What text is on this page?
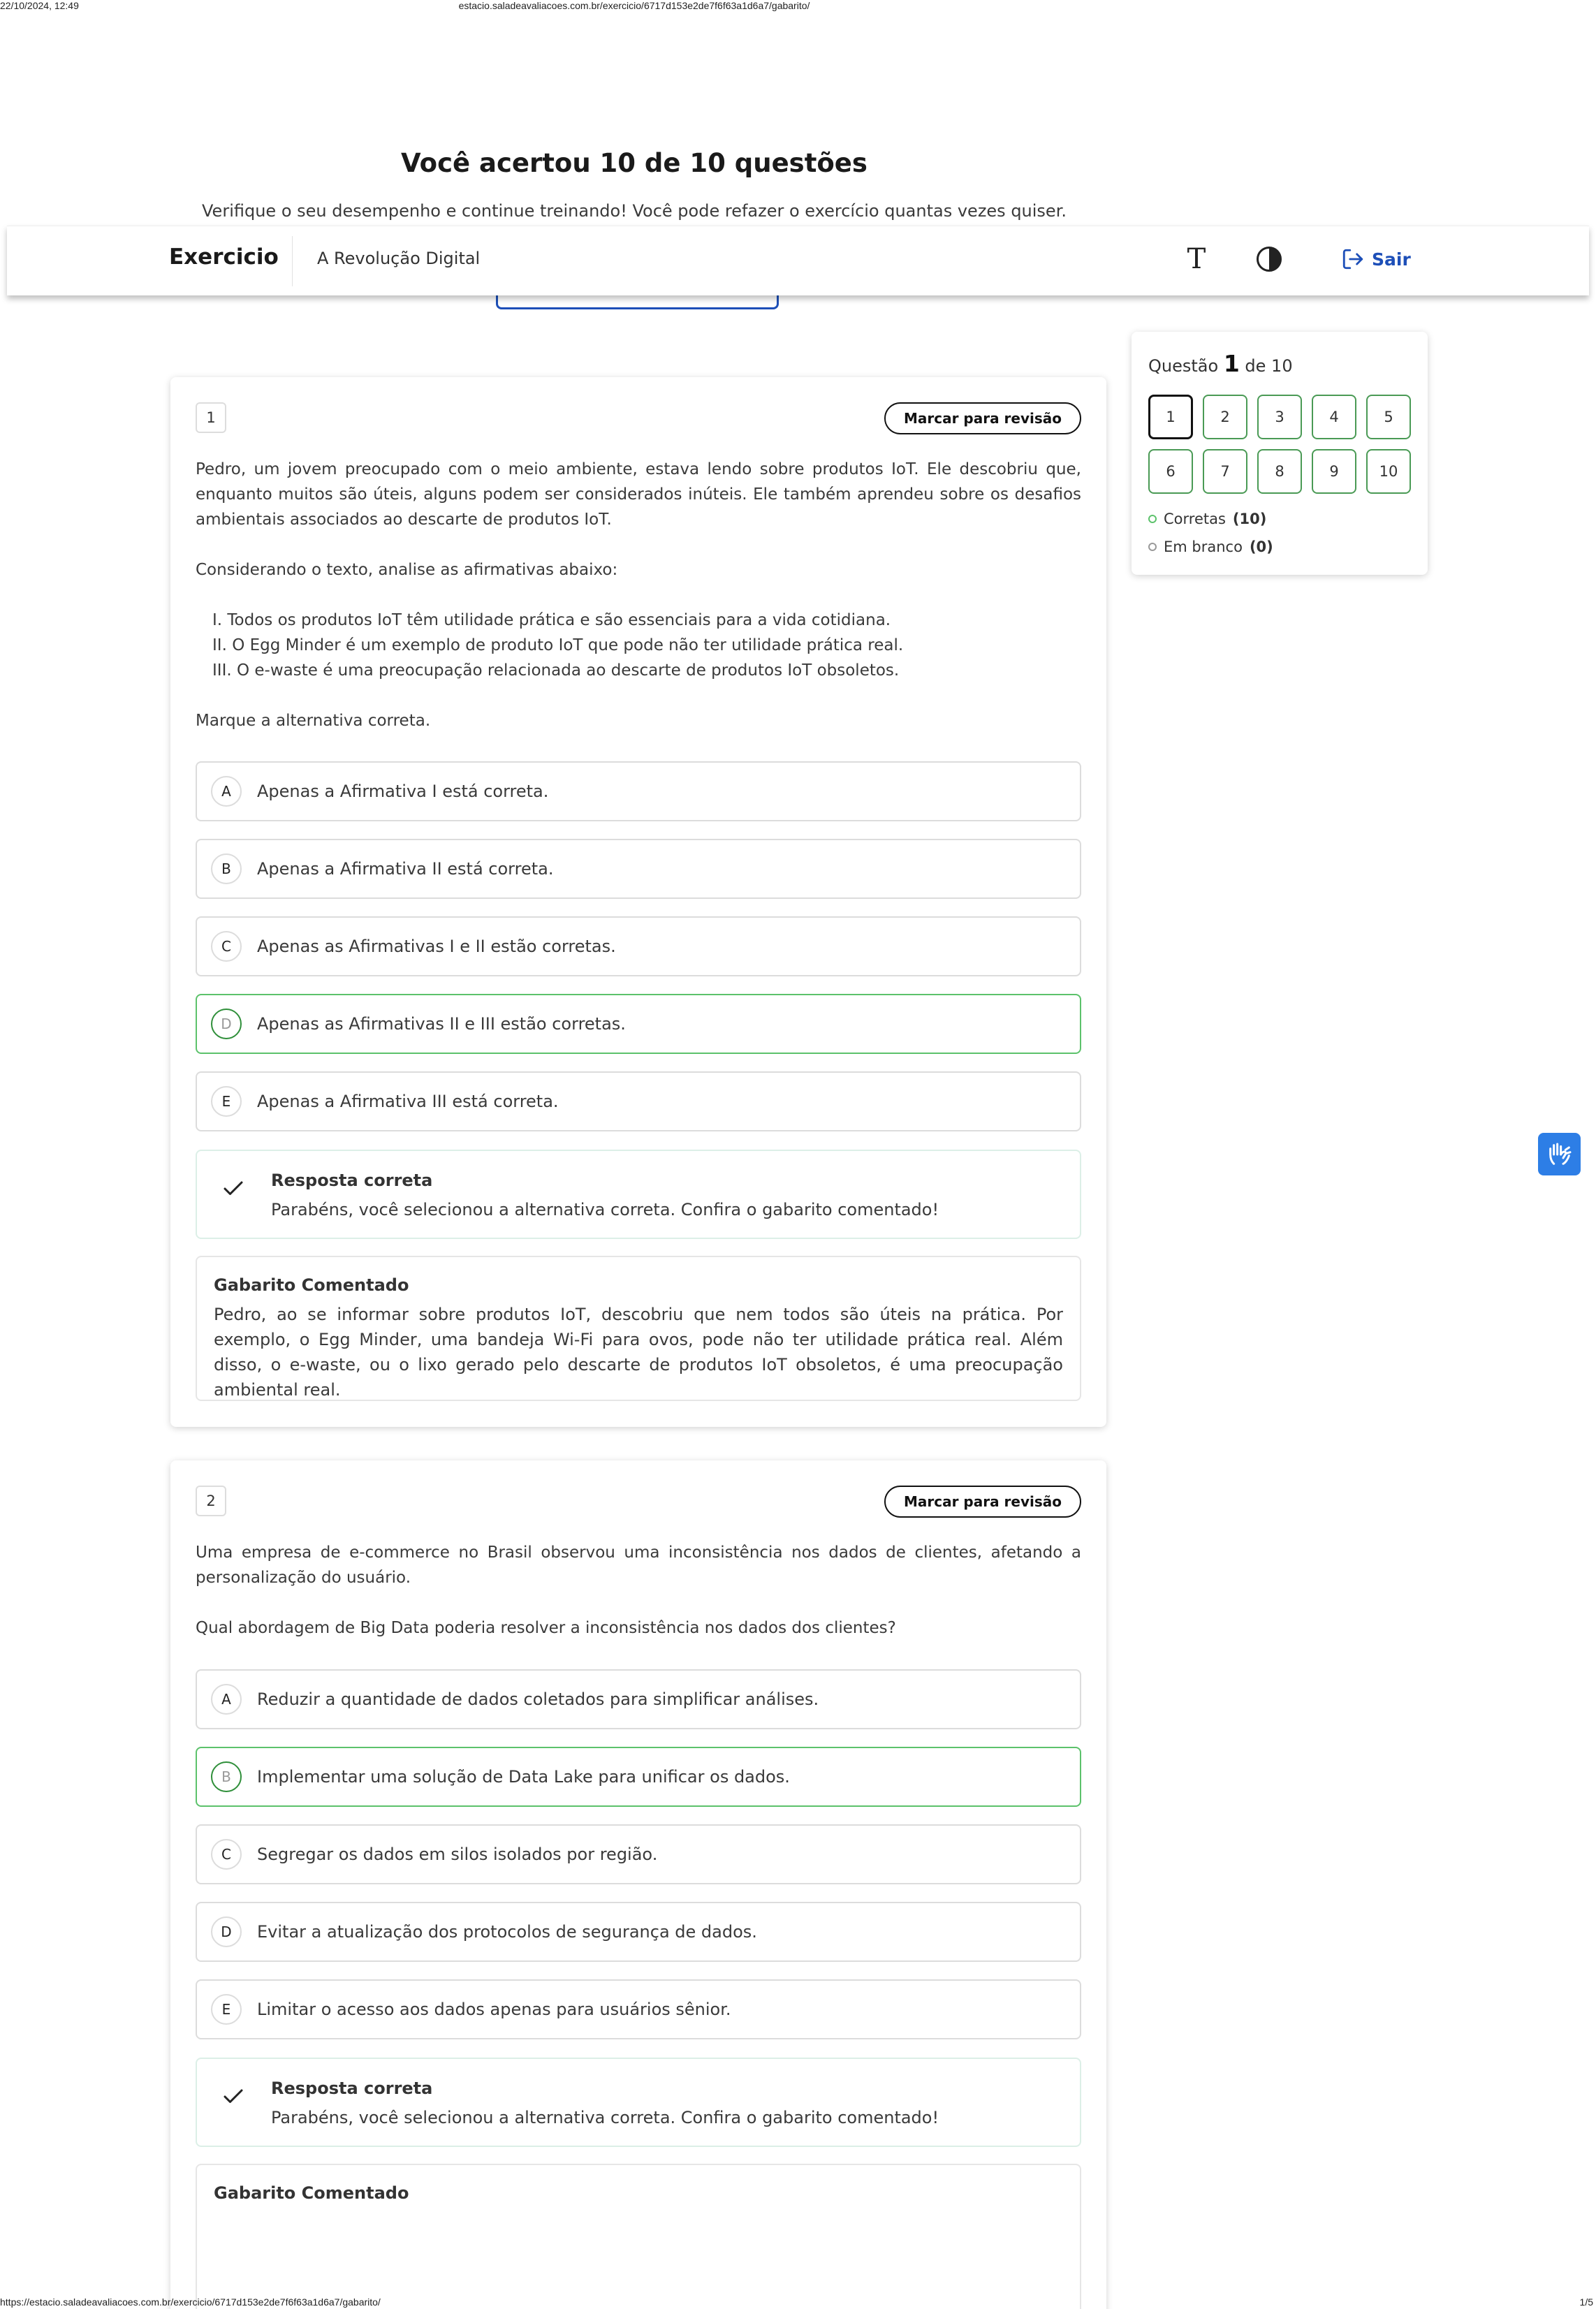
22/10/2024, 12:49	estacio.saladeavaliacoes.com.br/exercicio/6717d153e2de7f6f63a1d6a7/gabarito/
Você acertou 10 de 10 questões
Verifique o seu desempenho e continue treinando! Você pode refazer o exercício quantas vezes quiser.
Exercicio A Revolução Digital	T	Sair
Questão 1 de 10
1	2	3	4	5
6	7	8	9	10
Corretas (10)
Em branco (0)
1	Marcar para revisão

Pedro, um jovem preocupado com o meio ambiente, estava lendo sobre produtos IoT. Ele descobriu que, enquanto muitos são úteis, alguns podem ser considerados inúteis. Ele também aprendeu sobre os desafios ambientais associados ao descarte de produtos IoT.

Considerando o texto, analise as afirmativas abaixo:

I. Todos os produtos IoT têm utilidade prática e são essenciais para a vida cotidiana.
II. O Egg Minder é um exemplo de produto IoT que pode não ter utilidade prática real.
III. O e-waste é uma preocupação relacionada ao descarte de produtos IoT obsoletos.

Marque a alternativa correta.

A	Apenas a Afirmativa I está correta.
B	Apenas a Afirmativa II está correta.
C	Apenas as Afirmativas I e II estão corretas.
D	Apenas as Afirmativas II e III estão corretas.
E	Apenas a Afirmativa III está correta.
Resposta correta
Parabéns, você selecionou a alternativa correta. Confira o gabarito comentado!
Gabarito Comentado
Pedro, ao se informar sobre produtos IoT, descobriu que nem todos são úteis na prática. Por exemplo, o Egg Minder, uma bandeja Wi-Fi para ovos, pode não ter utilidade prática real. Além disso, o e-waste, ou o lixo gerado pelo descarte de produtos IoT obsoletos, é uma preocupação ambiental real.
2	Marcar para revisão

Uma empresa de e-commerce no Brasil observou uma inconsistência nos dados de clientes, afetando a personalização do usuário.

Qual abordagem de Big Data poderia resolver a inconsistência nos dados dos clientes?

A	Reduzir a quantidade de dados coletados para simplificar análises.
B	Implementar uma solução de Data Lake para unificar os dados.
C	Segregar os dados em silos isolados por região.
D	Evitar a atualização dos protocolos de segurança de dados.
E	Limitar o acesso aos dados apenas para usuários sênior.
Resposta correta
Parabéns, você selecionou a alternativa correta. Confira o gabarito comentado!
Gabarito Comentado
https://estacio.saladeavaliacoes.com.br/exercicio/6717d153e2de7f6f63a1d6a7/gabarito/	1/5
